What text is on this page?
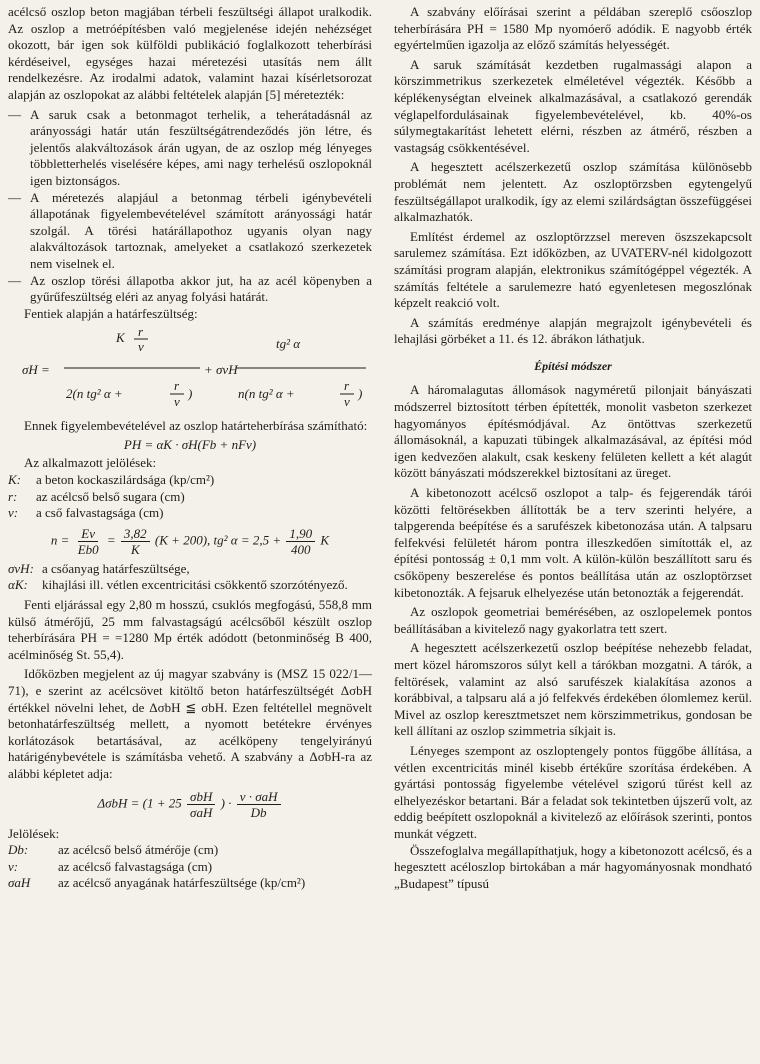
acélcső oszlop beton magjában térbeli feszültségi állapot uralkodik. Az oszlop a metróépítésben való megjelenése idején nehézséget okozott, bár igen sok külföldi publikáció foglalkozott teherbírási kérdéseivel, egységes hazai méretezési utasítás nem állt rendelkezésre. Az irodalmi adatok, valamint hazai kísérletsorozat alapján az oszlopokat az alábbi feltételek alapján [5] méretezték:

— A saruk csak a betonmagot terhelik, a teherátadásnál az arányossági határ után feszültségátrendeződés jön létre, és jelentős alakváltozások árán ugyan, de az oszlop még lényeges többletterhelés viselésére képes, ami nagy terhelésű oszlopoknál igen biztonságos.
— A méretezés alapjául a betonmag térbeli igénybevételi állapotának figyelembevételével számított arányossági határ szolgál. A törési határállapothoz ugyanis olyan nagy alakváltozások tartoznak, amelyeket a csatlakozó szerkezetek nem viselnek el.
— Az oszlop törési állapotba akkor jut, ha az acél köpenyben a gyűrűfeszültség eléri az anyag folyási határát.

Fentiek alapján a határfeszültség:

σH =
K r
v
2(n tg² α +
r
v
)
+ σvH
tg² α
n(n tg² α +
r
v
)

Ennek figyelembevételével az oszlop határteherbírása számítható:

PH = αK · σH(Fb + nFv)

Az alkalmazott jelölések:

K:	a beton kockaszilárdsága (kp/cm²)
r:	az acélcső belső sugara (cm)
v:	a cső falvastagsága (cm)
$n = \frac{Ev}{Eb0} = \frac{3,82}{K} (K + 200)$, tg² $\alpha = 2,5 + \frac{1,90}{400}$ K
σvH: a csőanyag határfeszültsége,
αK:	kihajlási ill. vétlen excentricitási csökkentő szorzótényező.

Fenti eljárással egy 2,80 m hosszú, csuklós megfogású, 558,8 mm külső átmérőjű, 25 mm falvastagságú acélcsőből készült oszlop teherbírására PH = =1280 Mp érték adódott (betonminőség B 400, acélminőség St. 55,4).

Időközben megjelent az új magyar szabvány is (MSZ 15 022/1—71), e szerint az acélcsövet kitöltő beton határfeszültségét ΔσbH értékkel növelni lehet, de ΔσbH ≦ σbH. Ezen feltétellel megnövelt betonhatárfeszültség mellett, a nyomott betétekre érvényes korlátozások betartásával, az acélköpeny tengelyirányú határigénybevétele is számításba vehető. A szabvány a ΔσbH-ra az alábbi képletet adja:

$\Delta\sigma bH = (1 + 25 \frac{\text{σbH}}{\text{σaH}}$ ) · $\frac{\text{v · σaH}}{Db}$

Jelölések:

Db:	az acélcső belső átmérője (cm)
v:	az acélcső falvastagsága (cm)
σaH	az acélcső anyagának határfeszültsége (kp/cm²)

A szabvány előírásai szerint a példában szereplő csőoszlop teherbírására PH = 1580 Mp nyomóerő adódik. E nagyobb érték egyértelműen igazolja az előző számítás helyességét.

A saruk számítását kezdetben rugalmassági alapon a körszimmetrikus szerkezetek elméletével végezték. Később a képlékenységtan elveinek alkalmazásával, a csatlakozó gerendák véglapelfordulásainak figyelembevételével, kb. 40%-os súlymegtakarítást lehetett elérni, részben az átmérő, részben a vastagság csökkentésével.

A hegesztett acélszerkezetű oszlop számítása különösebb problémát nem jelentett. Az oszloptörzsben egytengelyű feszültségállapot uralkodik, így az elemi szilárdságtan összefüggései alkalmazhatók.

Említést érdemel az oszloptörzzsel mereven öszszekapcsolt sarulemez számítása. Ezt időközben, az UVATERV-nél kidolgozott számítási program alapján, elektronikus számítógéppel végezték. A számítás feltétele a sarulemezre ható egyenletesen megoszlónak képzelt reakció volt.

A számítás eredménye alapján megrajzolt igénybevételi és lehajlási görbéket a 11. és 12. ábrákon láthatjuk.

Építési módszer

A háromalagutas állomások nagyméretű pilonjait bányászati módszerrel biztosított térben építették, monolit vasbeton szerkezet hagyományos építésmódjával. Az öntöttvas szerkezetű állomásoknál, a kapuzati tübingek alkalmazásával, az építési mód igen kedvezően alakult, csak keskeny felületen kellett a két alagút között bányászati módszerekkel biztosítani az üreget.

A kibetonozott acélcső oszlopot a talp- és fejgerendák tárói közötti feltörésekben állították be a terv szerinti helyére, a talpgerenda beépítése és a sarufészek kibetonozása után. A talpsaru felfekvési felületét három pontra illeszkedően simították el, az építési pontosság ± 0,1 mm volt. A külön-külön beszállított saru és csőköpeny beszerelése és pontos beállítása után az oszloptörzset kibetonozták. A fejsaruk elhelyezése után betonozták a fejgerendát.

Az oszlopok geometriai bemérésében, az oszlopelemek pontos beállításában a kivitelező nagy gyakorlatra tett szert.

A hegesztett acélszerkezetű oszlop beépítése nehezebb feladat, mert közel háromszoros súlyt kell a tárókban mozgatni. A tárók, a feltörések, valamint az alsó sarufészek kialakítása azonos a korábbival, a talpsaru alá a jó felfekvés érdekében ólomlemez kerül. Mivel az oszlop keresztmetszet nem körszimmetrikus, gondosan be kell állítani az oszlop szimmetria síkjait is.

Lényeges szempont az oszloptengely pontos függőbe állítása, a vétlen excentricitás minél kisebb értékűre szorítása érdekében. A gyártási pontosság figyelembe vételével szigorú tűrést kell az elhelyezéskor betartani. Bár a feladat sok tekintetben újszerű volt, az eddig beépített oszlopoknál a kivitelező az előírások szerinti, pontos munkát végzett.

Összefoglalva megállapíthatjuk, hogy a kibetonozott acélcső, és a hegesztett acéloszlop birtokában a már hagyományosnak mondható „Budapest” típusú
